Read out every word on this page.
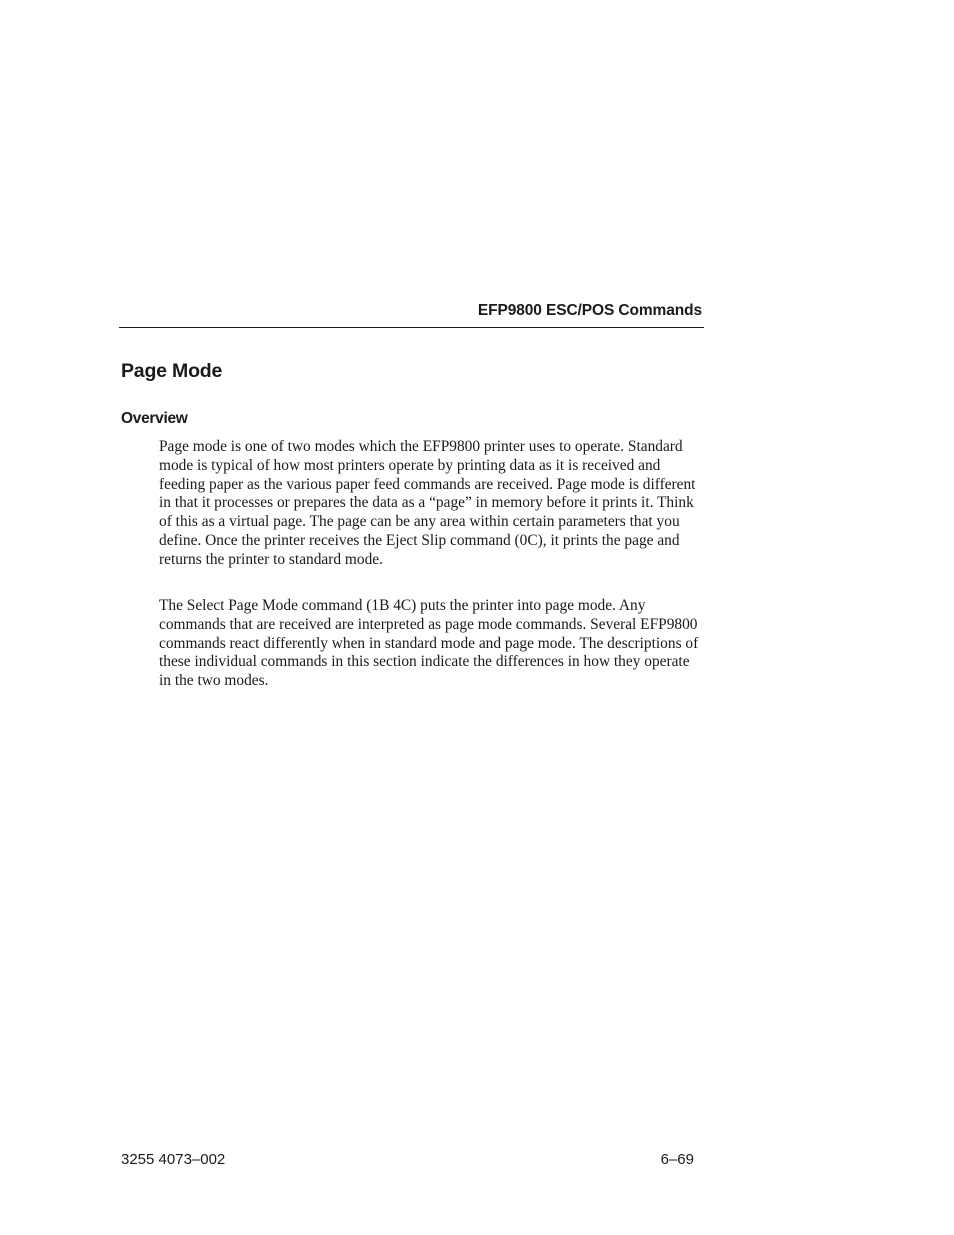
EFP9800 ESC/POS Commands
Page Mode
Overview

Page mode is one of two modes which the EFP9800 printer uses to operate. Standard mode is typical of how most printers operate by printing data as it is received and feeding paper as the various paper feed commands are received. Page mode is different in that it processes or prepares the data as a “page” in memory before it prints it. Think of this as a virtual page. The page can be any area within certain parameters that you define. Once the printer receives the Eject Slip command (0C), it prints the page and returns the printer to standard mode.

The Select Page Mode command (1B 4C) puts the printer into page mode. Any commands that are received are interpreted as page mode commands. Several EFP9800 commands react differently when in standard mode and page mode. The descriptions of these individual commands in this section indicate the differences in how they operate in the two modes.

3255 4073–002	6–69
